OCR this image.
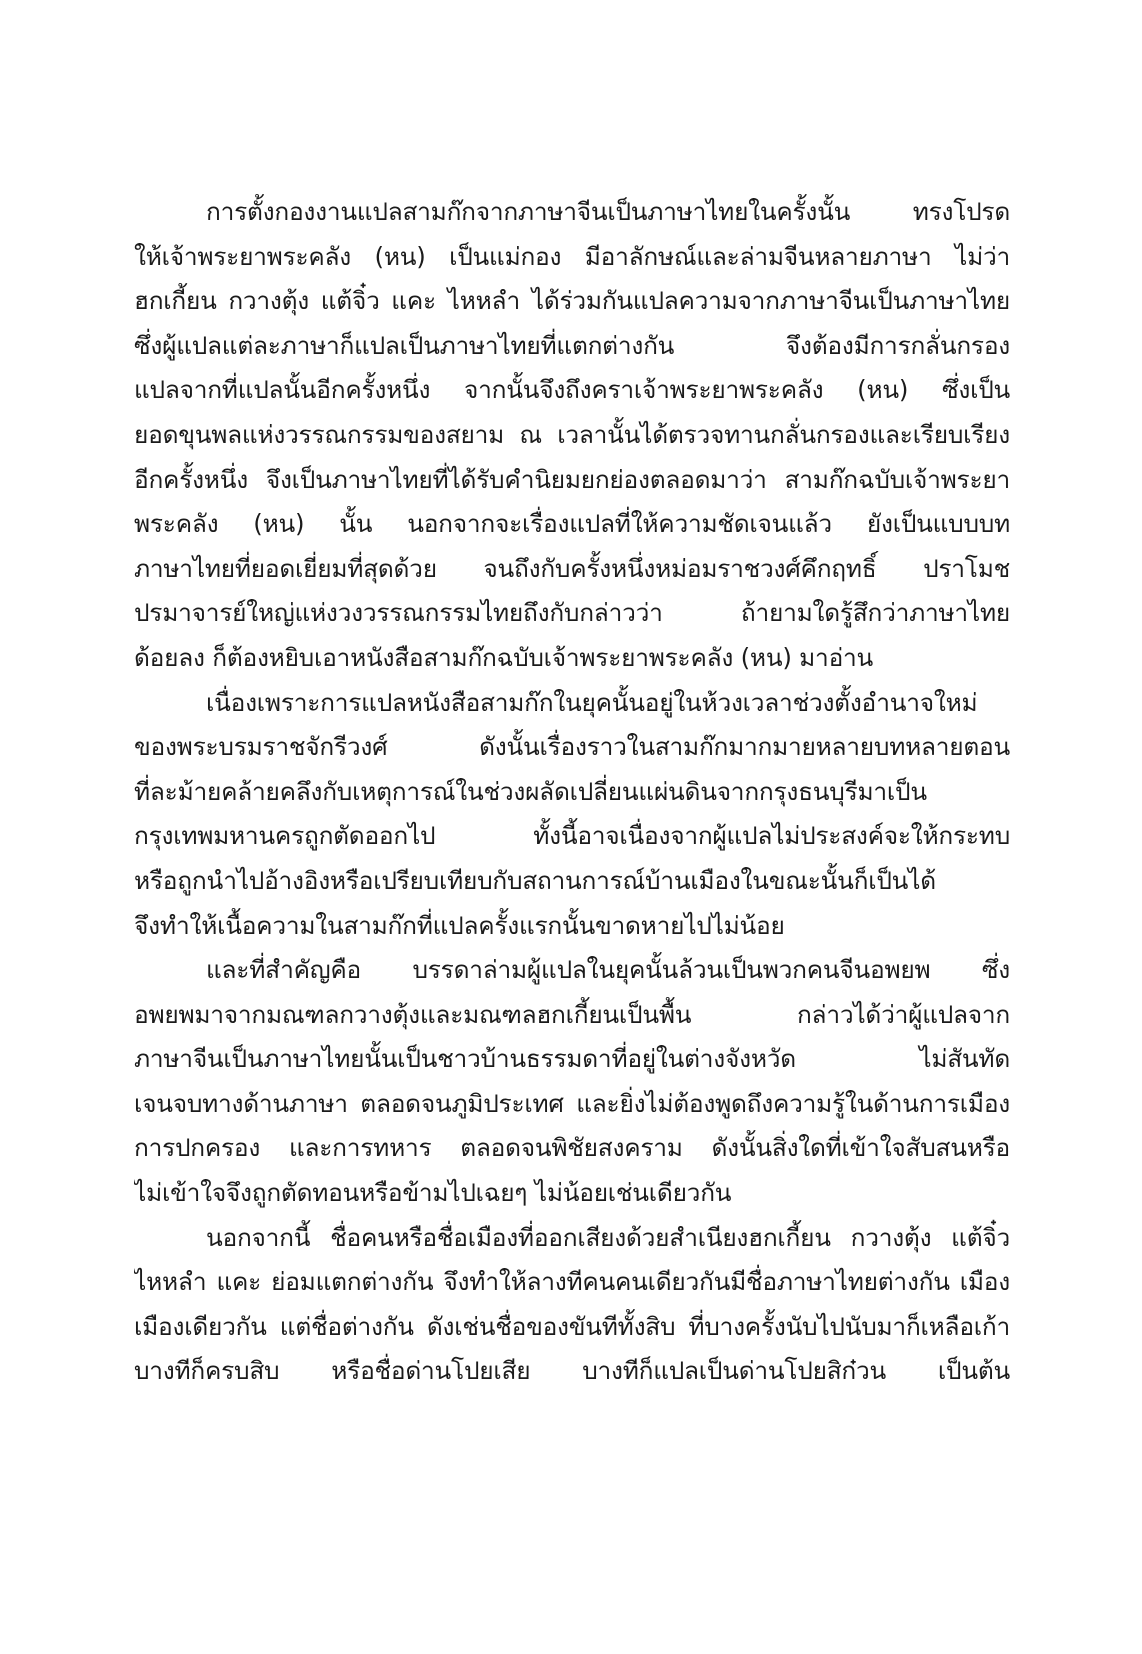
การตั้งกองงานแปลสามก๊กจากภาษาจีนเป็นภาษาไทยในครั้งนั้น ทรงโปรด
ให้เจ้าพระยาพระคลัง (หน) เป็นแม่กอง มีอาลักษณ์และล่ามจีนหลายภาษา ไม่ว่า
ฮกเกี้ยน กวางตุ้ง แต้จิ๋ว แคะ ไหหลำ ได้ร่วมกันแปลความจากภาษาจีนเป็นภาษาไทย
ซึ่งผู้แปลแต่ละภาษาก็แปลเป็นภาษาไทยที่แตกต่างกัน จึงต้องมีการกลั่นกรอง
แปลจากที่แปลนั้นอีกครั้งหนึ่ง จากนั้นจึงถึงคราเจ้าพระยาพระคลัง (หน) ซึ่งเป็น
ยอดขุนพลแห่งวรรณกรรมของสยาม ณ เวลานั้นได้ตรวจทานกลั่นกรองและเรียบเรียง
อีกครั้งหนึ่ง จึงเป็นภาษาไทยที่ได้รับคำนิยมยกย่องตลอดมาว่า สามก๊กฉบับเจ้าพระยา
พระคลัง (หน) นั้น นอกจากจะเรื่องแปลที่ให้ความชัดเจนแล้ว ยังเป็นแบบบท
ภาษาไทยที่ยอดเยี่ยมที่สุดด้วย จนถึงกับครั้งหนึ่งหม่อมราชวงศ์คึกฤทธิ์ ปราโมช
ปรมาจารย์ใหญ่แห่งวงวรรณกรรมไทยถึงกับกล่าวว่า ถ้ายามใดรู้สึกว่าภาษาไทย
ด้อยลง ก็ต้องหยิบเอาหนังสือสามก๊กฉบับเจ้าพระยาพระคลัง (หน) มาอ่าน
เนื่องเพราะการแปลหนังสือสามก๊กในยุคนั้นอยู่ในห้วงเวลาช่วงตั้งอำนาจใหม่
ของพระบรมราชจักรีวงศ์ ดังนั้นเรื่องราวในสามก๊กมากมายหลายบทหลายตอน
ที่ละม้ายคล้ายคลึงกับเหตุการณ์ในช่วงผลัดเปลี่ยนแผ่นดินจากกรุงธนบุรีมาเป็น
กรุงเทพมหานครถูกตัดออกไป ทั้งนี้อาจเนื่องจากผู้แปลไม่ประสงค์จะให้กระทบ
หรือถูกนำไปอ้างอิงหรือเปรียบเทียบกับสถานการณ์บ้านเมืองในขณะนั้นก็เป็นได้
จึงทำให้เนื้อความในสามก๊กที่แปลครั้งแรกนั้นขาดหายไปไม่น้อย
และที่สำคัญคือ บรรดาล่ามผู้แปลในยุคนั้นล้วนเป็นพวกคนจีนอพยพ ซึ่ง
อพยพมาจากมณฑลกวางตุ้งและมณฑลฮกเกี้ยนเป็นพื้น กล่าวได้ว่าผู้แปลจาก
ภาษาจีนเป็นภาษาไทยนั้นเป็นชาวบ้านธรรมดาที่อยู่ในต่างจังหวัด ไม่สันทัด
เจนจบทางด้านภาษา ตลอดจนภูมิประเทศ และยิ่งไม่ต้องพูดถึงความรู้ในด้านการเมือง
การปกครอง และการทหาร ตลอดจนพิชัยสงคราม ดังนั้นสิ่งใดที่เข้าใจสับสนหรือ
ไม่เข้าใจจึงถูกตัดทอนหรือข้ามไปเฉยๆ ไม่น้อยเช่นเดียวกัน
นอกจากนี้ ชื่อคนหรือชื่อเมืองที่ออกเสียงด้วยสำเนียงฮกเกี้ยน กวางตุ้ง แต้จิ๋ว
ไหหลำ แคะ ย่อมแตกต่างกัน จึงทำให้ลางทีคนคนเดียวกันมีชื่อภาษาไทยต่างกัน เมือง
เมืองเดียวกัน แต่ชื่อต่างกัน ดังเช่นชื่อของขันทีทั้งสิบ ที่บางครั้งนับไปนับมาก็เหลือเก้า
บางทีก็ครบสิบ หรือชื่อด่านโปยเสีย บางทีก็แปลเป็นด่านโปยสิก๋วน เป็นต้น
